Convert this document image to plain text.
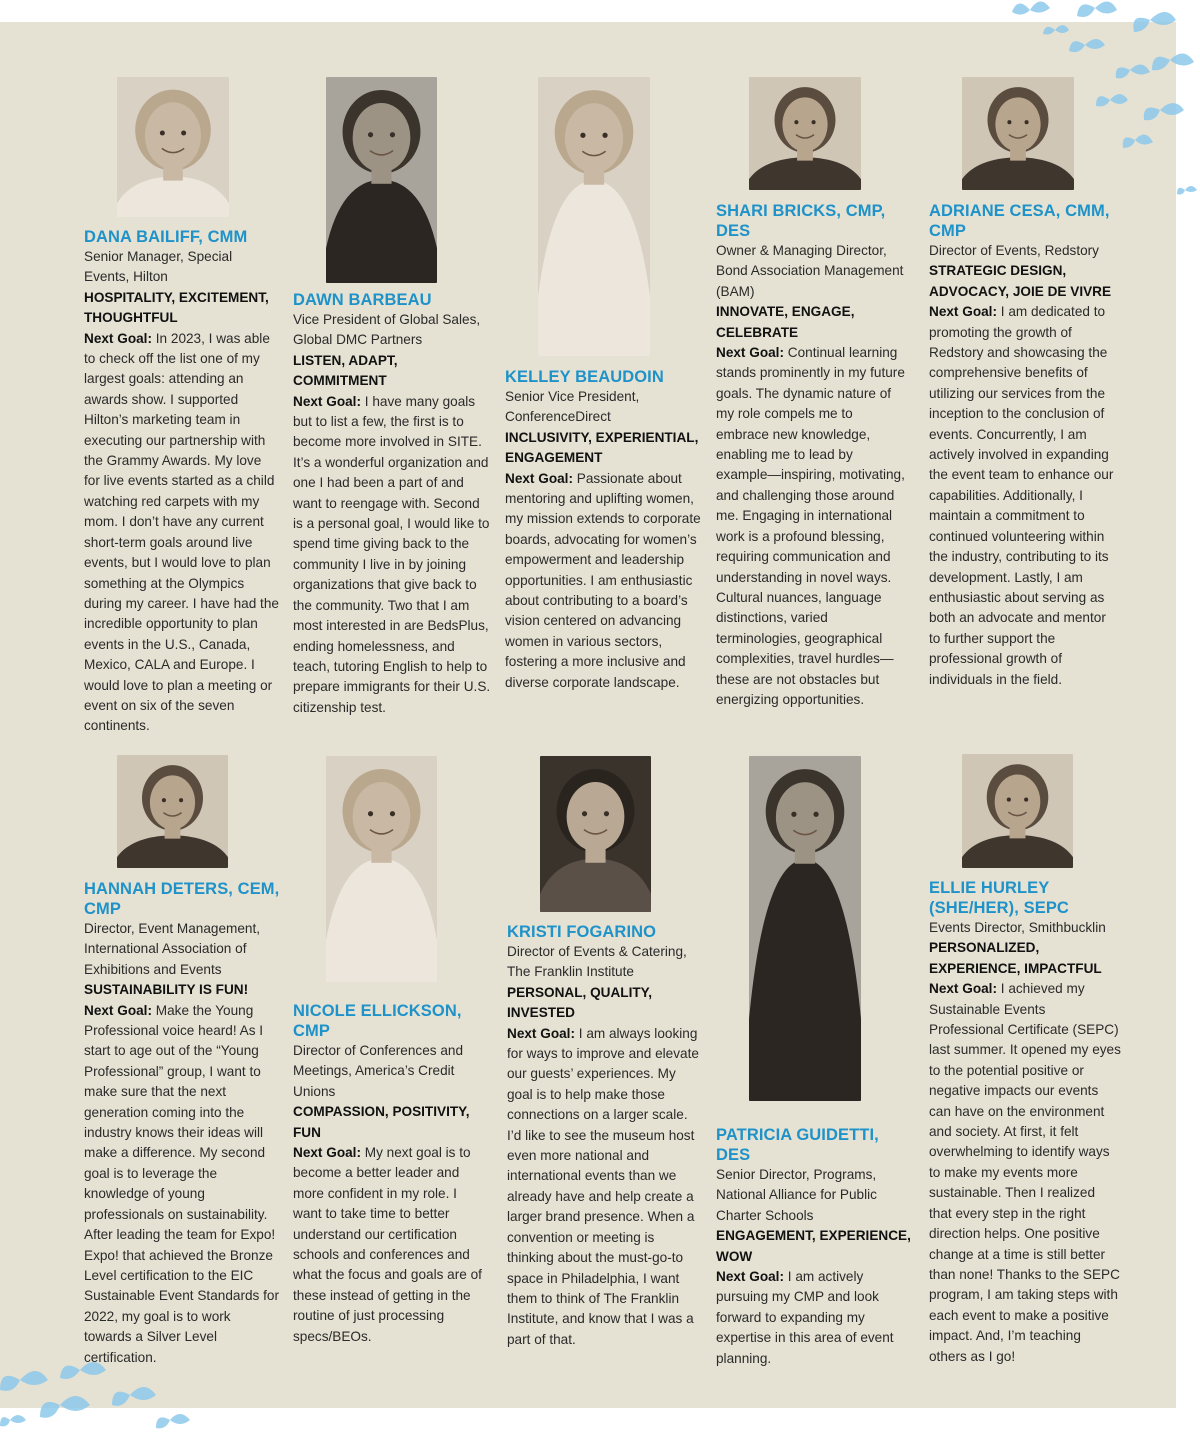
DANA BAILIFF, CMM
Senior Manager, Special Events, Hilton
HOSPITALITY, EXCITEMENT, THOUGHTFUL
Next Goal: In 2023, I was able to check off the list one of my largest goals: attending an awards show. I supported Hilton’s marketing team in executing our partnership with the Grammy Awards. My love for live events started as a child watching red carpets with my mom. I don’t have any current short-term goals around live events, but I would love to plan something at the Olympics during my career. I have had the incredible opportunity to plan events in the U.S., Canada, Mexico, CALA and Europe. I would love to plan a meeting or event on six of the seven continents.
DAWN BARBEAU
Vice President of Global Sales, Global DMC Partners
LISTEN, ADAPT, COMMITMENT
Next Goal: I have many goals but to list a few, the first is to become more involved in SITE. It’s a wonderful organization and one I had been a part of and want to reengage with. Second is a personal goal, I would like to spend time giving back to the community I live in by joining organizations that give back to the community. Two that I am most interested in are BedsPlus, ending homelessness, and teach, tutoring English to help to prepare immigrants for their U.S. citizenship test.
KELLEY BEAUDOIN
Senior Vice President, ConferenceDirect
INCLUSIVITY, EXPERIENTIAL, ENGAGEMENT
Next Goal: Passionate about mentoring and uplifting women, my mission extends to corporate boards, advocating for women’s empowerment and leadership opportunities. I am enthusiastic about contributing to a board’s vision centered on advancing women in various sectors, fostering a more inclusive and diverse corporate landscape.
SHARI BRICKS, CMP, DES
Owner & Managing Director, Bond Association Management (BAM)
INNOVATE, ENGAGE, CELEBRATE
Next Goal: Continual learning stands prominently in my future goals. The dynamic nature of my role compels me to embrace new knowledge, enabling me to lead by example—inspiring, motivating, and challenging those around me. Engaging in international work is a profound blessing, requiring communication and understanding in novel ways. Cultural nuances, language distinctions, varied terminologies, geographical complexities, travel hurdles—these are not obstacles but energizing opportunities.
ADRIANE CESA, CMM, CMP
Director of Events, Redstory
STRATEGIC DESIGN, ADVOCACY, JOIE DE VIVRE
Next Goal: I am dedicated to promoting the growth of Redstory and showcasing the comprehensive benefits of utilizing our services from the inception to the conclusion of events. Concurrently, I am actively involved in expanding the event team to enhance our capabilities. Additionally, I maintain a commitment to continued volunteering within the industry, contributing to its development. Lastly, I am enthusiastic about serving as both an advocate and mentor to further support the professional growth of individuals in the field.
HANNAH DETERS, CEM, CMP
Director, Event Management, International Association of Exhibitions and Events
SUSTAINABILITY IS FUN!
Next Goal: Make the Young Professional voice heard! As I start to age out of the “Young Professional” group, I want to make sure that the next generation coming into the industry knows their ideas will make a difference. My second goal is to leverage the knowledge of young professionals on sustainability. After leading the team for Expo! Expo! that achieved the Bronze Level certification to the EIC Sustainable Event Standards for 2022, my goal is to work towards a Silver Level certification.
NICOLE ELLICKSON, CMP
Director of Conferences and Meetings, America’s Credit Unions
COMPASSION, POSITIVITY, FUN
Next Goal: My next goal is to become a better leader and more confident in my role. I want to take time to better understand our certification schools and conferences and what the focus and goals are of these instead of getting in the routine of just processing specs/BEOs.
KRISTI FOGARINO
Director of Events & Catering, The Franklin Institute
PERSONAL, QUALITY, INVESTED
Next Goal: I am always looking for ways to improve and elevate our guests’ experiences. My goal is to help make those connections on a larger scale. I’d like to see the museum host even more national and international events than we already have and help create a larger brand presence. When a convention or meeting is thinking about the must-go-to space in Philadelphia, I want them to think of The Franklin Institute, and know that I was a part of that.
PATRICIA GUIDETTI, DES
Senior Director, Programs, National Alliance for Public Charter Schools
ENGAGEMENT, EXPERIENCE, WOW
Next Goal: I am actively pursuing my CMP and look forward to expanding my expertise in this area of event planning.
ELLIE HURLEY (SHE/HER), SEPC
Events Director, Smithbucklin
PERSONALIZED, EXPERIENCE, IMPACTFUL
Next Goal: I achieved my Sustainable Events Professional Certificate (SEPC) last summer. It opened my eyes to the potential positive or negative impacts our events can have on the environment and society. At first, it felt overwhelming to identify ways to make my events more sustainable. Then I realized that every step in the right direction helps. One positive change at a time is still better than none! Thanks to the SEPC program, I am taking steps with each event to make a positive impact. And, I’m teaching others as I go!
